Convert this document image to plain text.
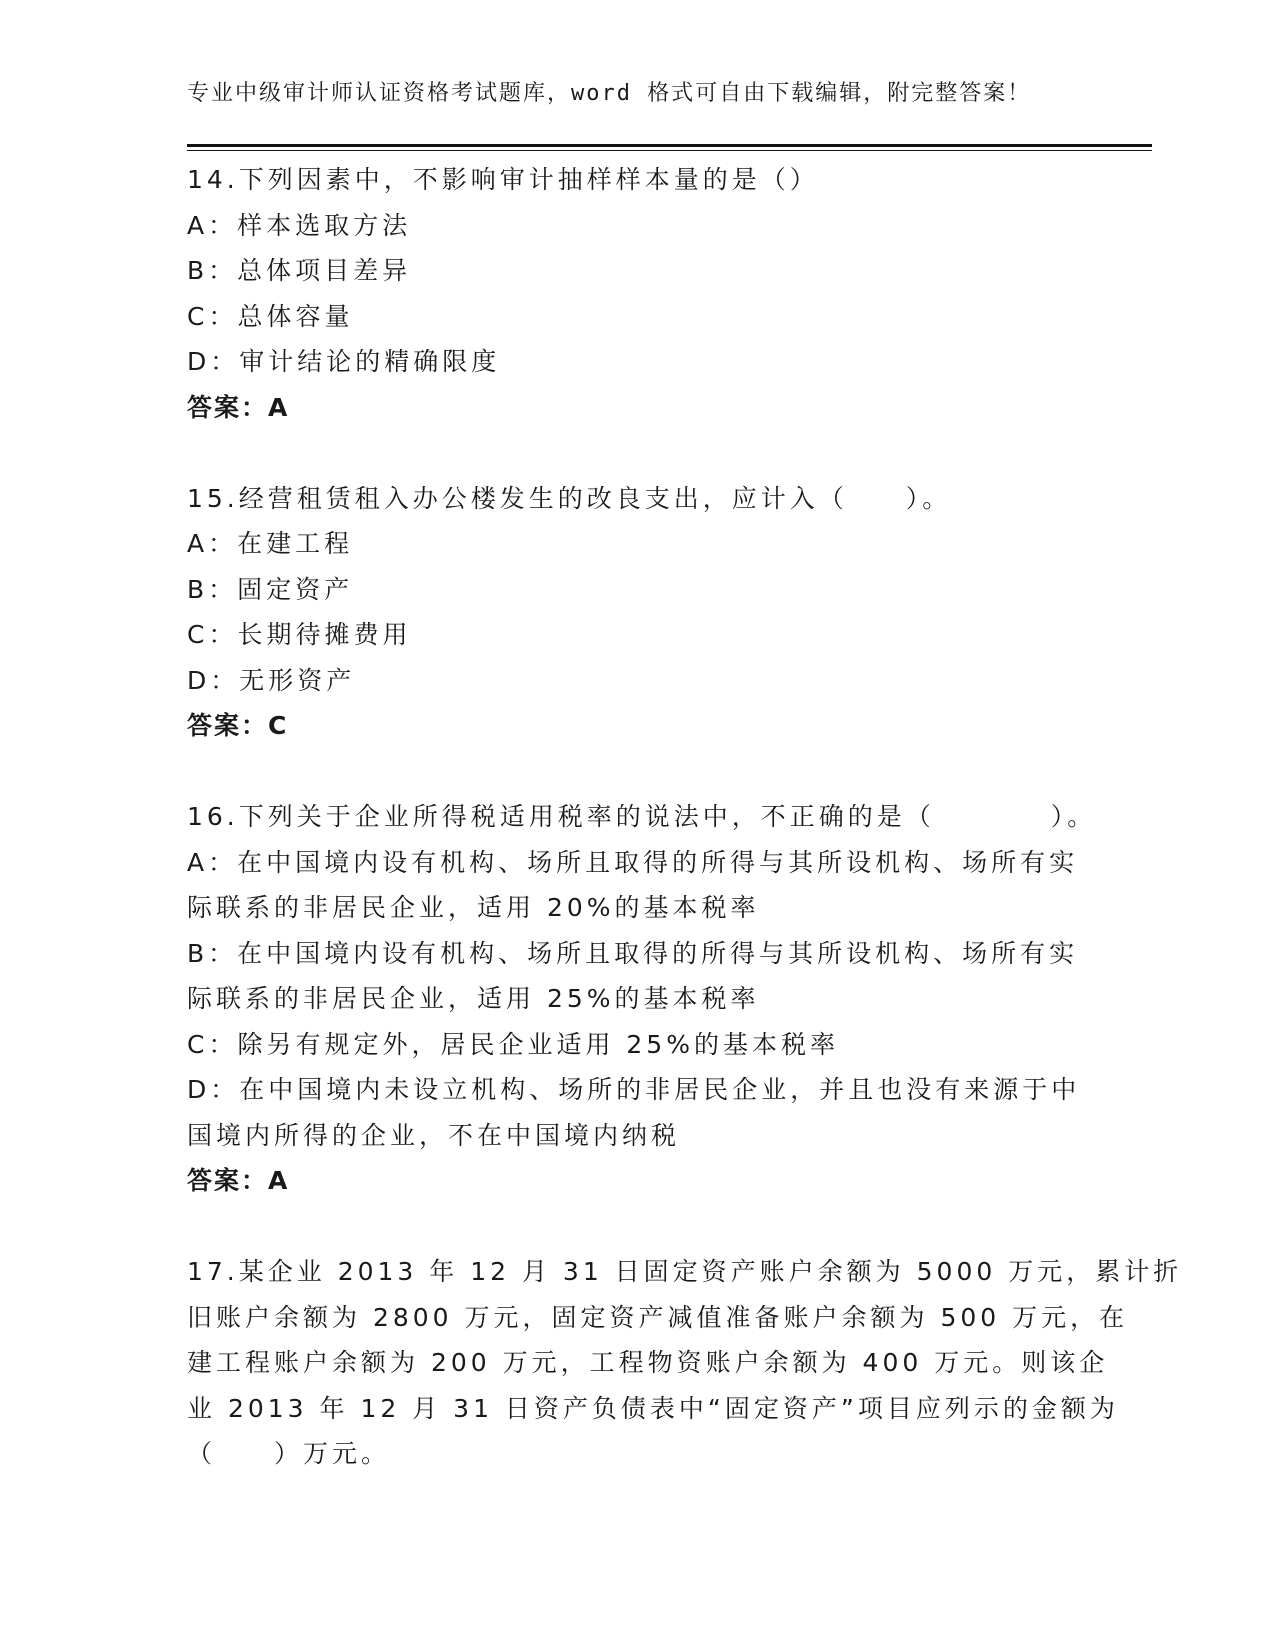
专业中级审计师认证资格考试题库，word 格式可自由下载编辑，附完整答案！
14.下列因素中，不影响审计抽样样本量的是（）
A：样本选取方法
B：总体项目差异
C：总体容量
D：审计结论的精确限度
答案：A
15.经营租赁租入办公楼发生的改良支出，应计入（　　）。
A：在建工程
B：固定资产
C：长期待摊费用
D：无形资产
答案：C
16.下列关于企业所得税适用税率的说法中，不正确的是（　　　　）。
A：在中国境内设有机构、场所且取得的所得与其所设机构、场所有实
际联系的非居民企业，适用 20%的基本税率
B：在中国境内设有机构、场所且取得的所得与其所设机构、场所有实
际联系的非居民企业，适用 25%的基本税率
C：除另有规定外，居民企业适用 25%的基本税率
D：在中国境内未设立机构、场所的非居民企业，并且也没有来源于中
国境内所得的企业，不在中国境内纳税
答案：A
17.某企业 2013 年 12 月 31 日固定资产账户余额为 5000 万元，累计折
旧账户余额为 2800 万元，固定资产减值准备账户余额为 500 万元，在
建工程账户余额为 200 万元，工程物资账户余额为 400 万元。则该企
业 2013 年 12 月 31 日资产负债表中“固定资产”项目应列示的金额为
（　　）万元。
